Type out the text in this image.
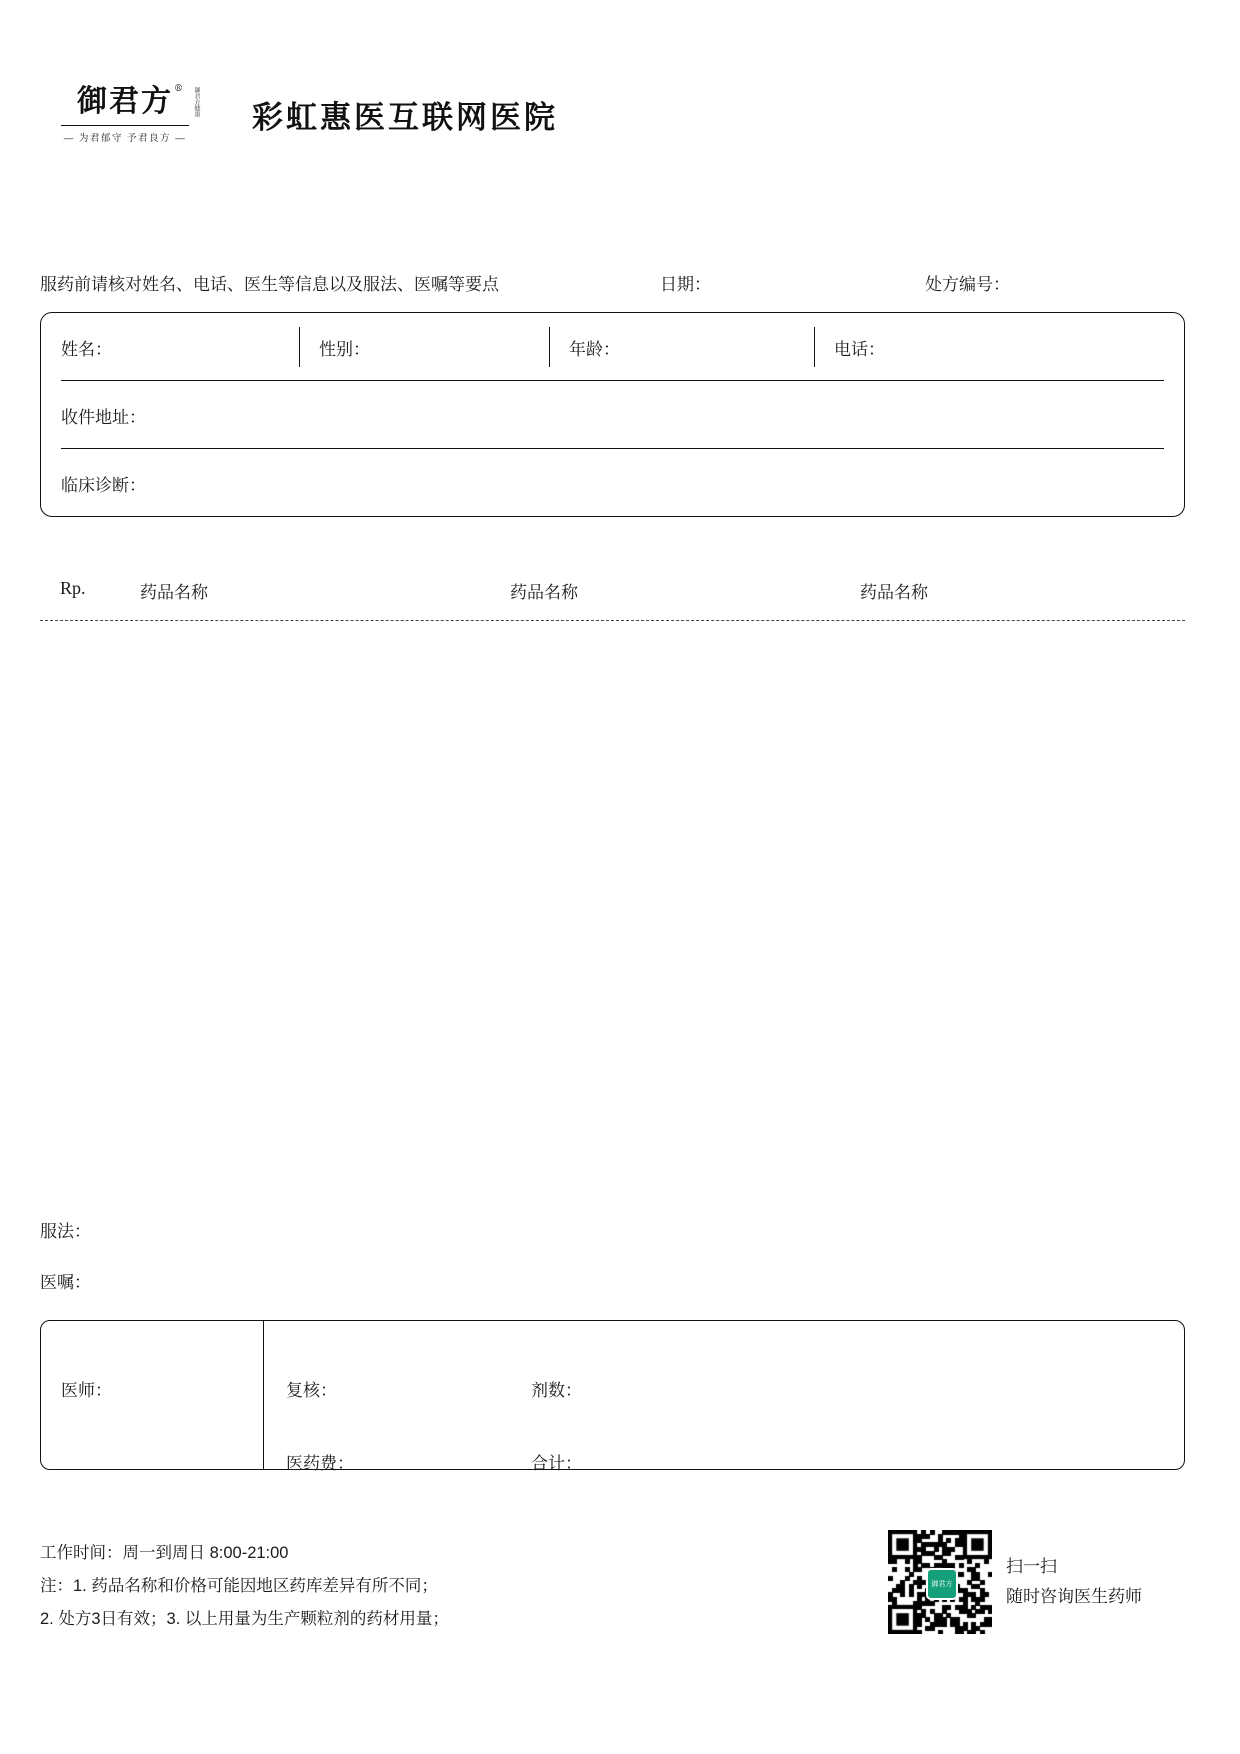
御君方 ® 御君方健康
— 为君郁守 予君良方 —
彩虹惠医互联网医院
服药前请核对姓名、电话、医生等信息以及服法、医嘱等要点	日期：	处方编号：
姓名：	性别：	年龄：	电话：
收件地址：
临床诊断：
Rp.	药品名称	药品名称	药品名称
服法：
医嘱：
医师：	复核：	剂数：
医药费：	合计：
工作时间：周一到周日 8:00-21:00
注：1. 药品名称和价格可能因地区药库差异有所不同；
2. 处方3日有效；3. 以上用量为生产颗粒剂的药材用量；
御君方
扫一扫
随时咨询医生药师
